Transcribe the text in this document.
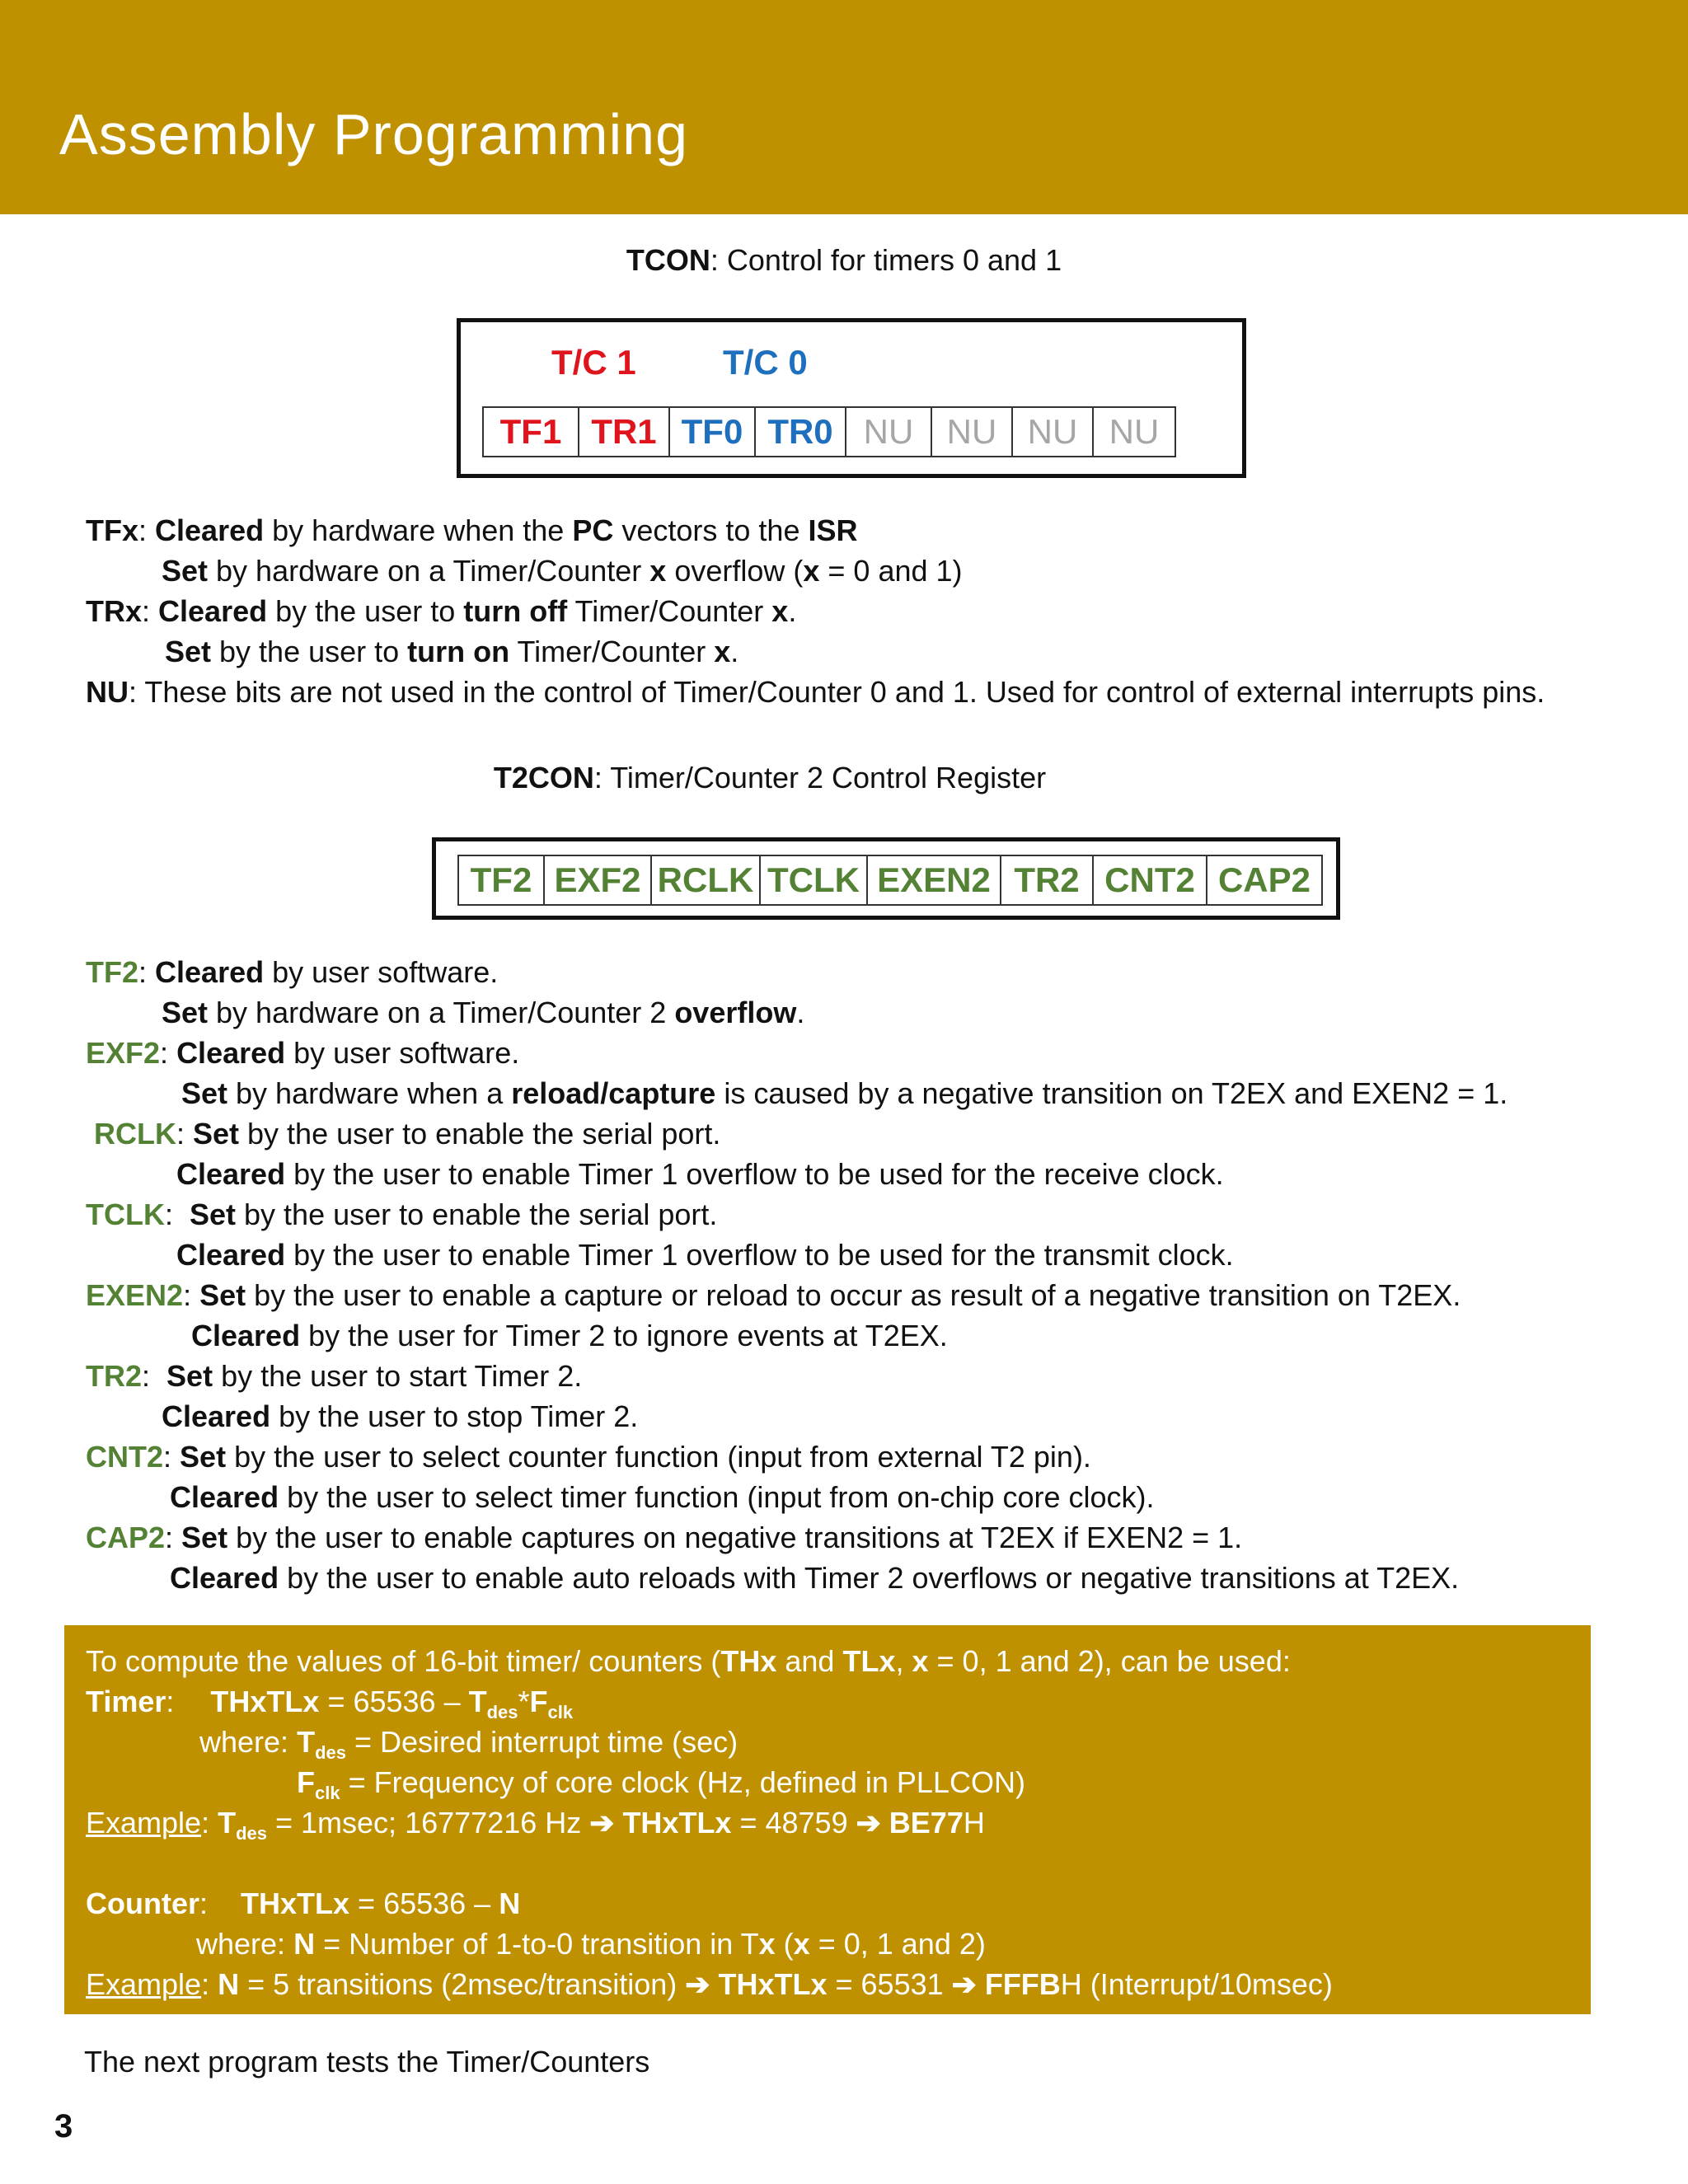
Assembly Programming
TCON: Control for timers 0 and 1
T/C 1	T/C 0
TF1 TR1 TF0 TR0 NU NU NU NU
TFx: Cleared by hardware when the PC vectors to the ISR
Set by hardware on a Timer/Counter x overflow (x = 0 and 1)
TRx: Cleared by the user to turn off Timer/Counter x.
Set by the user to turn on Timer/Counter x.
NU: These bits are not used in the control of Timer/Counter 0 and 1. Used for control of external interrupts pins.
T2CON: Timer/Counter 2 Control Register
TF2 EXF2 RCLK TCLK EXEN2 TR2 CNT2 CAP2
TF2: Cleared by user software.
Set by hardware on a Timer/Counter 2 overflow.
EXF2: Cleared by user software.
Set by hardware when a reload/capture is caused by a negative transition on T2EX and EXEN2 = 1.
RCLK: Set by the user to enable the serial port.
Cleared by the user to enable Timer 1 overflow to be used for the receive clock.
TCLK:  Set by the user to enable the serial port.
Cleared by the user to enable Timer 1 overflow to be used for the transmit clock.
EXEN2: Set by the user to enable a capture or reload to occur as result of a negative transition on T2EX.
Cleared by the user for Timer 2 to ignore events at T2EX.
TR2:  Set by the user to start Timer 2.
Cleared by the user to stop Timer 2.
CNT2: Set by the user to select counter function (input from external T2 pin).
Cleared by the user to select timer function (input from on-chip core clock).
CAP2: Set by the user to enable captures on negative transitions at T2EX if EXEN2 = 1.
Cleared by the user to enable auto reloads with Timer 2 overflows or negative transitions at T2EX.
To compute the values of 16-bit timer/ counters (THx and TLx, x = 0, 1 and 2), can be used:
Timer: THxTLx = $65536 - T_{des}*F_{clk}$
where: $T_{des}$ = Desired interrupt time (sec)
$F_{clk}$ = Frequency of core clock (Hz, defined in PLLCON)
Example: $T_{des} = 1msec$; 16777216 Hz ➔ THxTLx = 48759 ➔ BE77H
Counter: THxTLx = 65536 – N
where: N = Number of 1-to-0 transition in Tx (x = 0, 1 and 2)
Example: N = 5 transitions (2msec/transition) ➔ THxTLx = 65531 ➔ FFFBH (Interrupt/10msec)
The next program tests the Timer/Counters
3
